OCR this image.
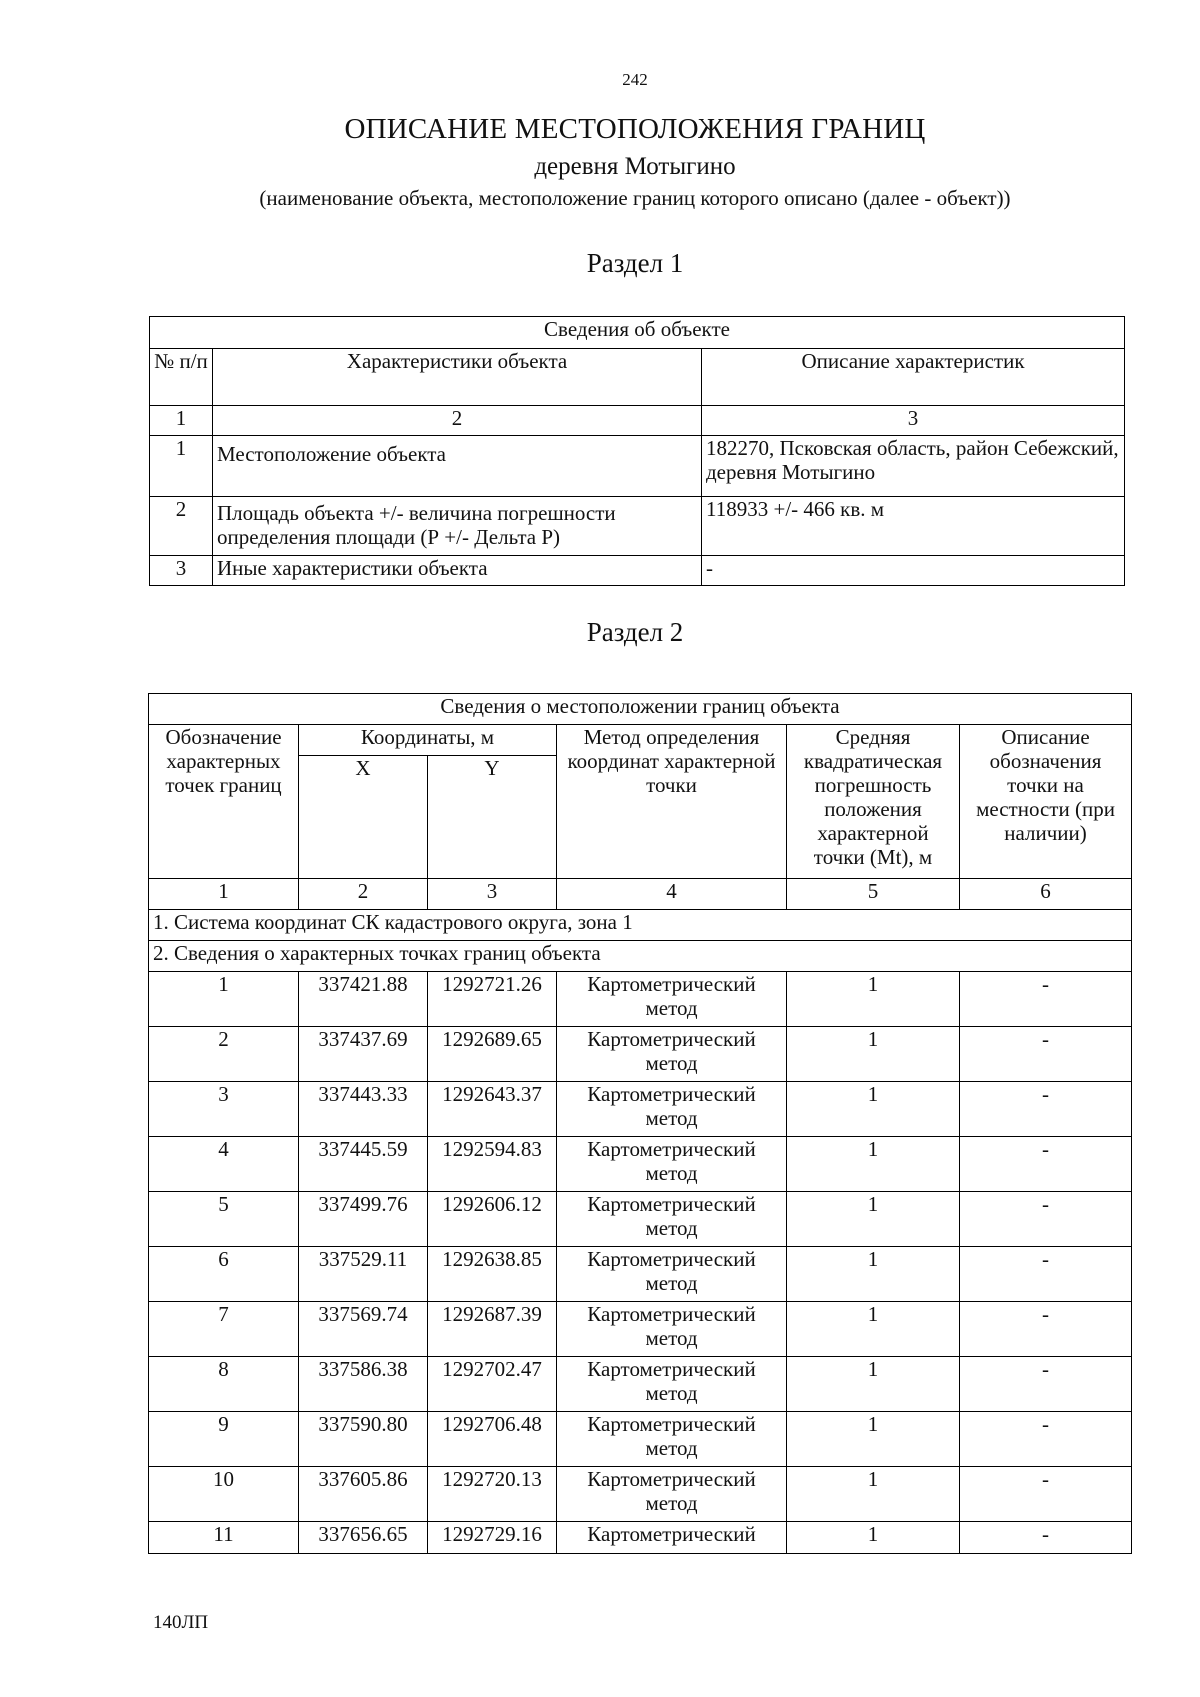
242
ОПИСАНИЕ МЕСТОПОЛОЖЕНИЯ ГРАНИЦ
деревня Мотыгино
(наименование объекта, местоположение границ которого описано (далее - объект))
Раздел 1
Сведения об объекте		
№ п/п	Характеристики объекта	Описание характеристик
1	2	3
1	Местоположение объекта	182270, Псковская область, район Себежский, деревня Мотыгино
2	Площадь объекта +/- величина погрешности определения площади (Р +/- Дельта Р)	118933 +/- 466 кв. м
3	Иные характеристики объекта	-
Раздел 2
Сведения о местоположении границ объекта					
Обозначение характерных точек границ	Координаты, м		Метод определения координат характерной точки	Средняя квадратическая погрешность положения характерной точки (Mt), м	Описание обозначения точки на местности (при наличии)
	X	Y			
1	2	3	4	5	6
1. Система координат СК кадастрового округа, зона 1					
2. Сведения о характерных точках границ объекта					
1	337421.88	1292721.26	Картометрический метод	1	-
2	337437.69	1292689.65	Картометрический метод	1	-
3	337443.33	1292643.37	Картометрический метод	1	-
4	337445.59	1292594.83	Картометрический метод	1	-
5	337499.76	1292606.12	Картометрический метод	1	-
6	337529.11	1292638.85	Картометрический метод	1	-
7	337569.74	1292687.39	Картометрический метод	1	-
8	337586.38	1292702.47	Картометрический метод	1	-
9	337590.80	1292706.48	Картометрический метод	1	-
10	337605.86	1292720.13	Картометрический метод	1	-
11	337656.65	1292729.16	Картометрический	1	-
140ЛП
